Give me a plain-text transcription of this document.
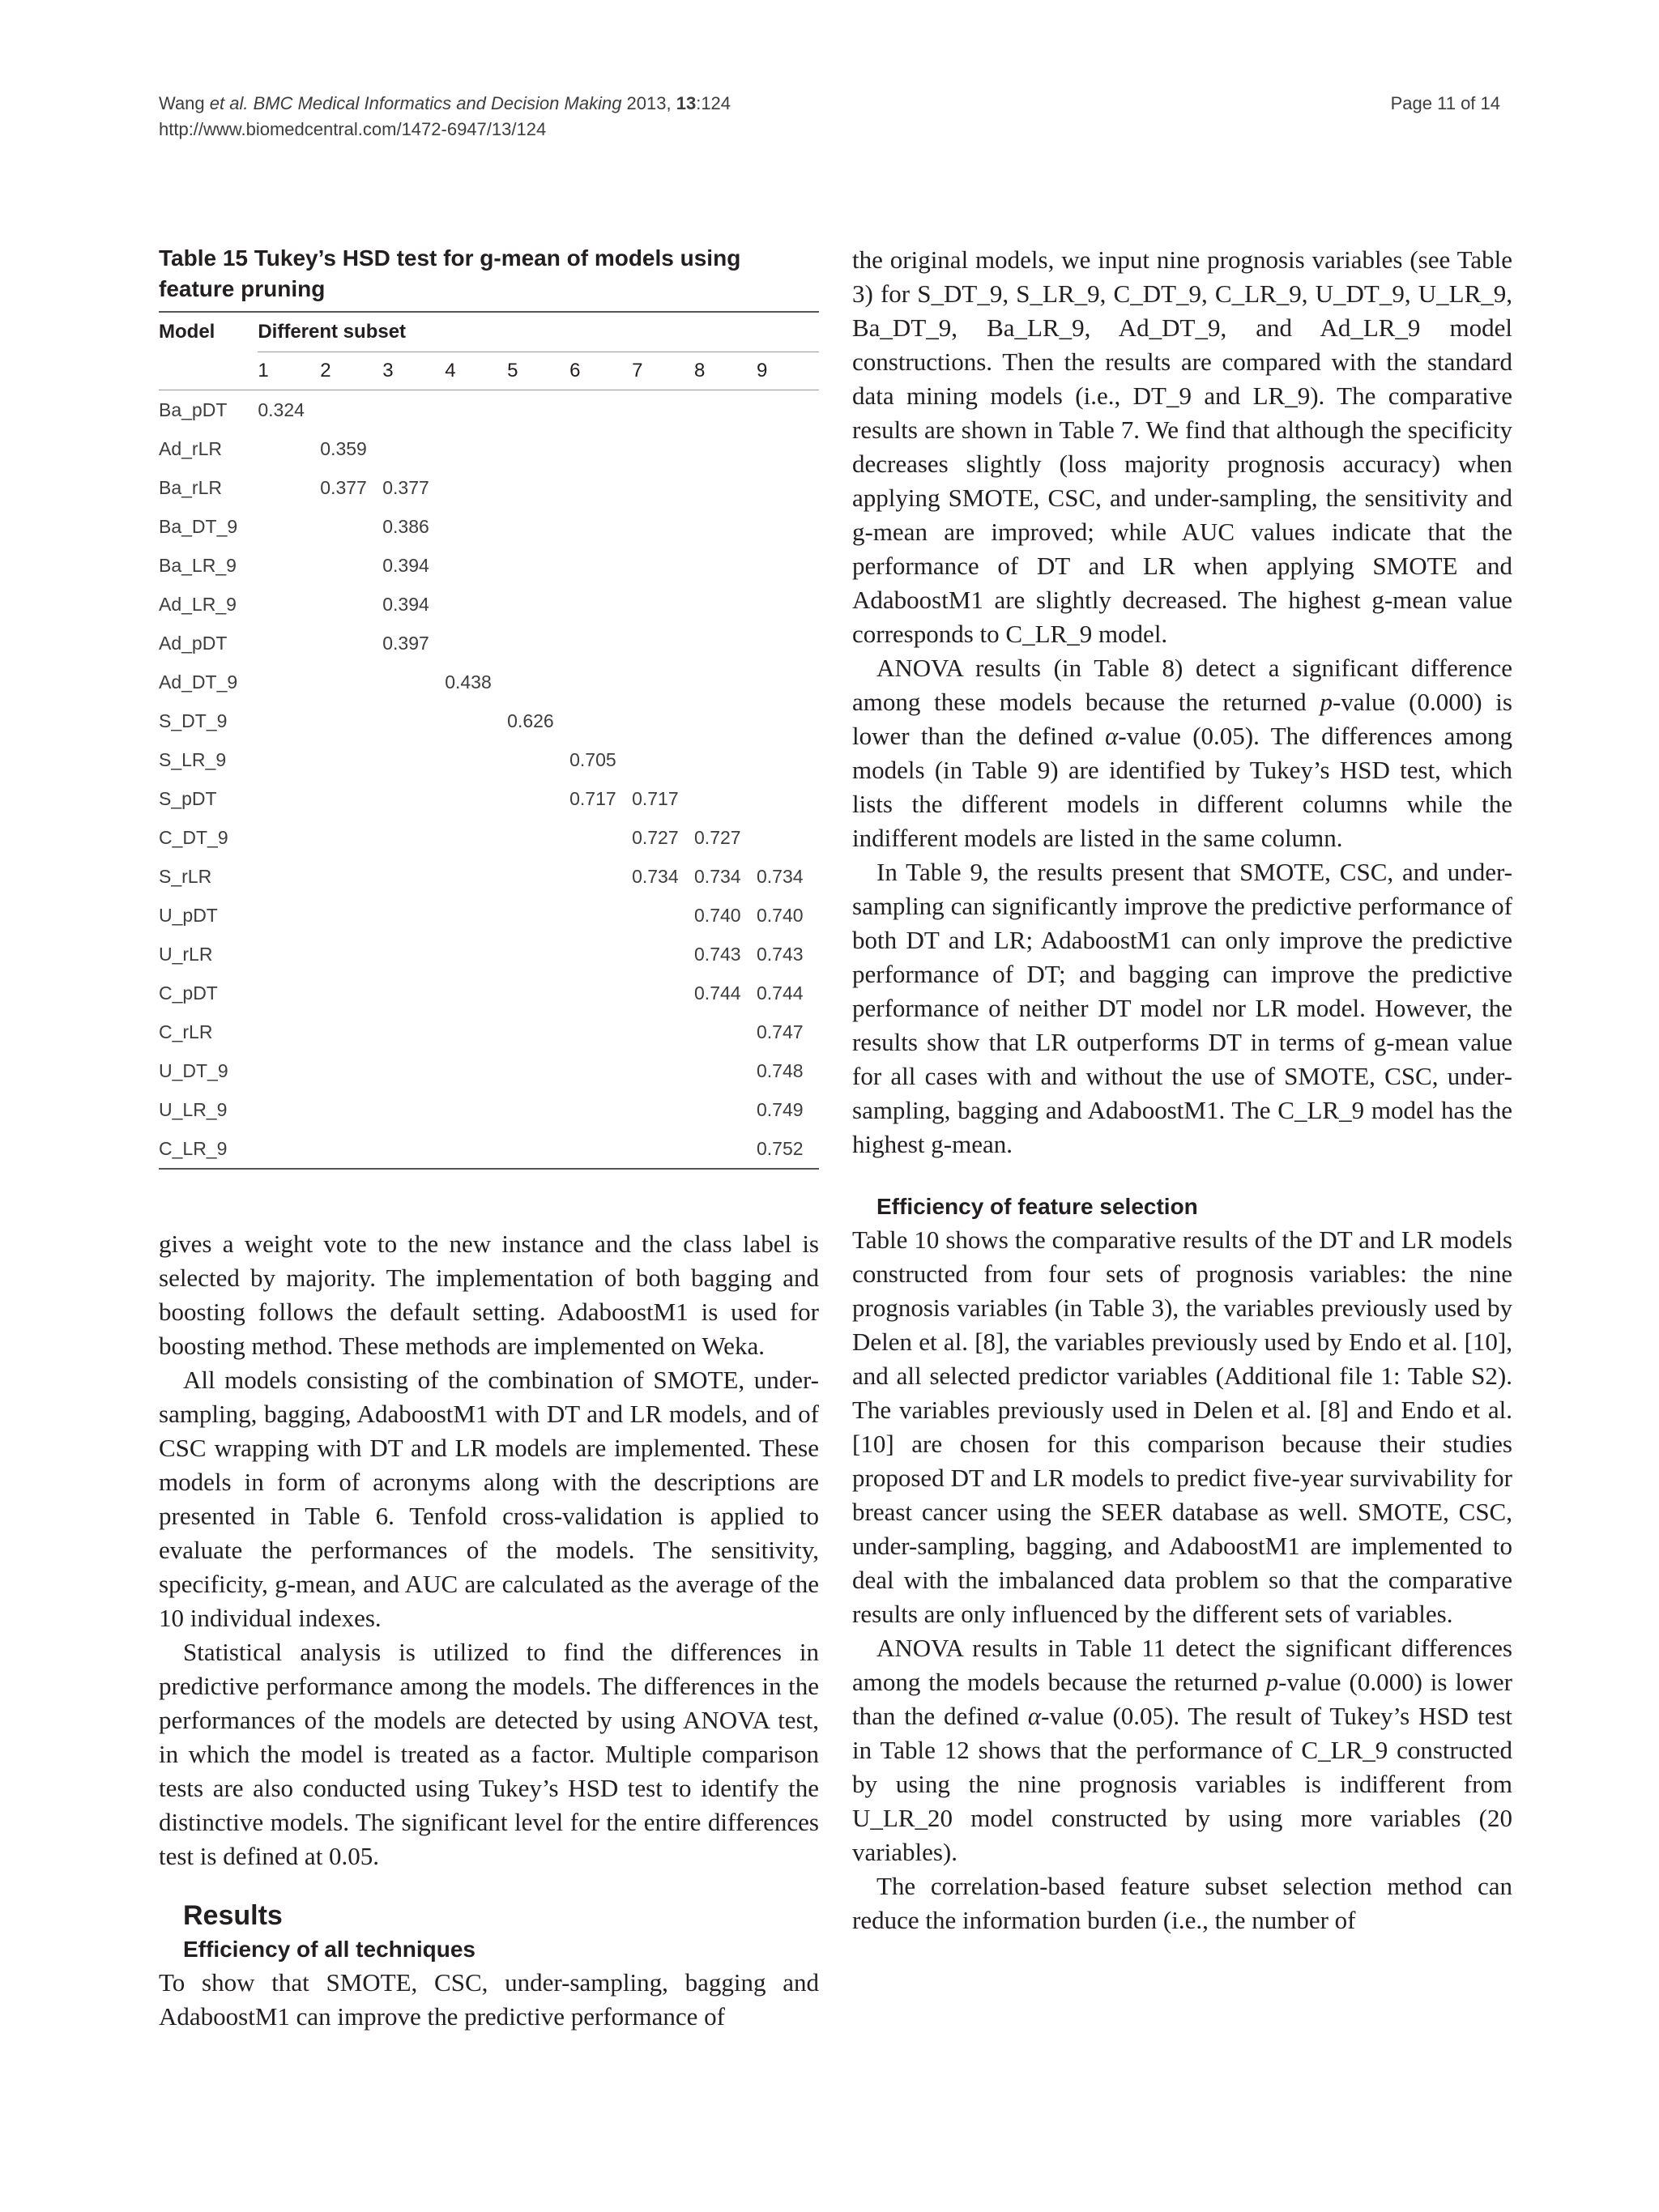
Wang et al. BMC Medical Informatics and Decision Making 2013, 13:124
http://www.biomedcentral.com/1472-6947/13/124
Page 11 of 14

Table 15 Tukey’s HSD test for g-mean of models using feature pruning

Model	Different subset								
	1	2	3	4	5	6	7	8	9
Ba_pDT	0.324								
Ad_rLR		0.359							
Ba_rLR		0.377	0.377						
Ba_DT_9			0.386						
Ba_LR_9			0.394						
Ad_LR_9			0.394						
Ad_pDT			0.397						
Ad_DT_9				0.438					
S_DT_9					0.626				
S_LR_9						0.705			
S_pDT						0.717	0.717		
C_DT_9							0.727	0.727	
S_rLR							0.734	0.734	0.734
U_pDT								0.740	0.740
U_rLR								0.743	0.743
C_pDT								0.744	0.744
C_rLR									0.747
U_DT_9									0.748
U_LR_9									0.749
C_LR_9									0.752

gives a weight vote to the new instance and the class label is selected by majority. The implementation of both bagging and boosting follows the default setting. AdaboostM1 is used for boosting method. These methods are implemented on Weka.

All models consisting of the combination of SMOTE, under-sampling, bagging, AdaboostM1 with DT and LR models, and of CSC wrapping with DT and LR models are implemented. These models in form of acronyms along with the descriptions are presented in Table 6. Tenfold cross-validation is applied to evaluate the performances of the models. The sensitivity, specificity, g-mean, and AUC are calculated as the average of the 10 individual indexes.

Statistical analysis is utilized to find the differences in predictive performance among the models. The differences in the performances of the models are detected by using ANOVA test, in which the model is treated as a factor. Multiple comparison tests are also conducted using Tukey’s HSD test to identify the distinctive models. The significant level for the entire differences test is defined at 0.05.

Results

Efficiency of all techniques

To show that SMOTE, CSC, under-sampling, bagging and AdaboostM1 can improve the predictive performance of

the original models, we input nine prognosis variables (see Table 3) for S_DT_9, S_LR_9, C_DT_9, C_LR_9, U_DT_9, U_LR_9, Ba_DT_9, Ba_LR_9, Ad_DT_9, and Ad_LR_9 model constructions. Then the results are compared with the standard data mining models (i.e., DT_9 and LR_9). The comparative results are shown in Table 7. We find that although the specificity decreases slightly (loss majority prognosis accuracy) when applying SMOTE, CSC, and under-sampling, the sensitivity and g-mean are improved; while AUC values indicate that the performance of DT and LR when applying SMOTE and AdaboostM1 are slightly decreased. The highest g-mean value corresponds to C_LR_9 model.

ANOVA results (in Table 8) detect a significant difference among these models because the returned p-value (0.000) is lower than the defined α-value (0.05). The differences among models (in Table 9) are identified by Tukey’s HSD test, which lists the different models in different columns while the indifferent models are listed in the same column.

In Table 9, the results present that SMOTE, CSC, and under-sampling can significantly improve the predictive performance of both DT and LR; AdaboostM1 can only improve the predictive performance of DT; and bagging can improve the predictive performance of neither DT model nor LR model. However, the results show that LR outperforms DT in terms of g-mean value for all cases with and without the use of SMOTE, CSC, under-sampling, bagging and AdaboostM1. The C_LR_9 model has the highest g-mean.

Efficiency of feature selection

Table 10 shows the comparative results of the DT and LR models constructed from four sets of prognosis variables: the nine prognosis variables (in Table 3), the variables previously used by Delen et al. [8], the variables previously used by Endo et al. [10], and all selected predictor variables (Additional file 1: Table S2). The variables previously used in Delen et al. [8] and Endo et al. [10] are chosen for this comparison because their studies proposed DT and LR models to predict five-year survivability for breast cancer using the SEER database as well. SMOTE, CSC, under-sampling, bagging, and AdaboostM1 are implemented to deal with the imbalanced data problem so that the comparative results are only influenced by the different sets of variables.

ANOVA results in Table 11 detect the significant differences among the models because the returned p-value (0.000) is lower than the defined α-value (0.05). The result of Tukey’s HSD test in Table 12 shows that the performance of C_LR_9 constructed by using the nine prognosis variables is indifferent from U_LR_20 model constructed by using more variables (20 variables).

The correlation-based feature subset selection method can reduce the information burden (i.e., the number of
